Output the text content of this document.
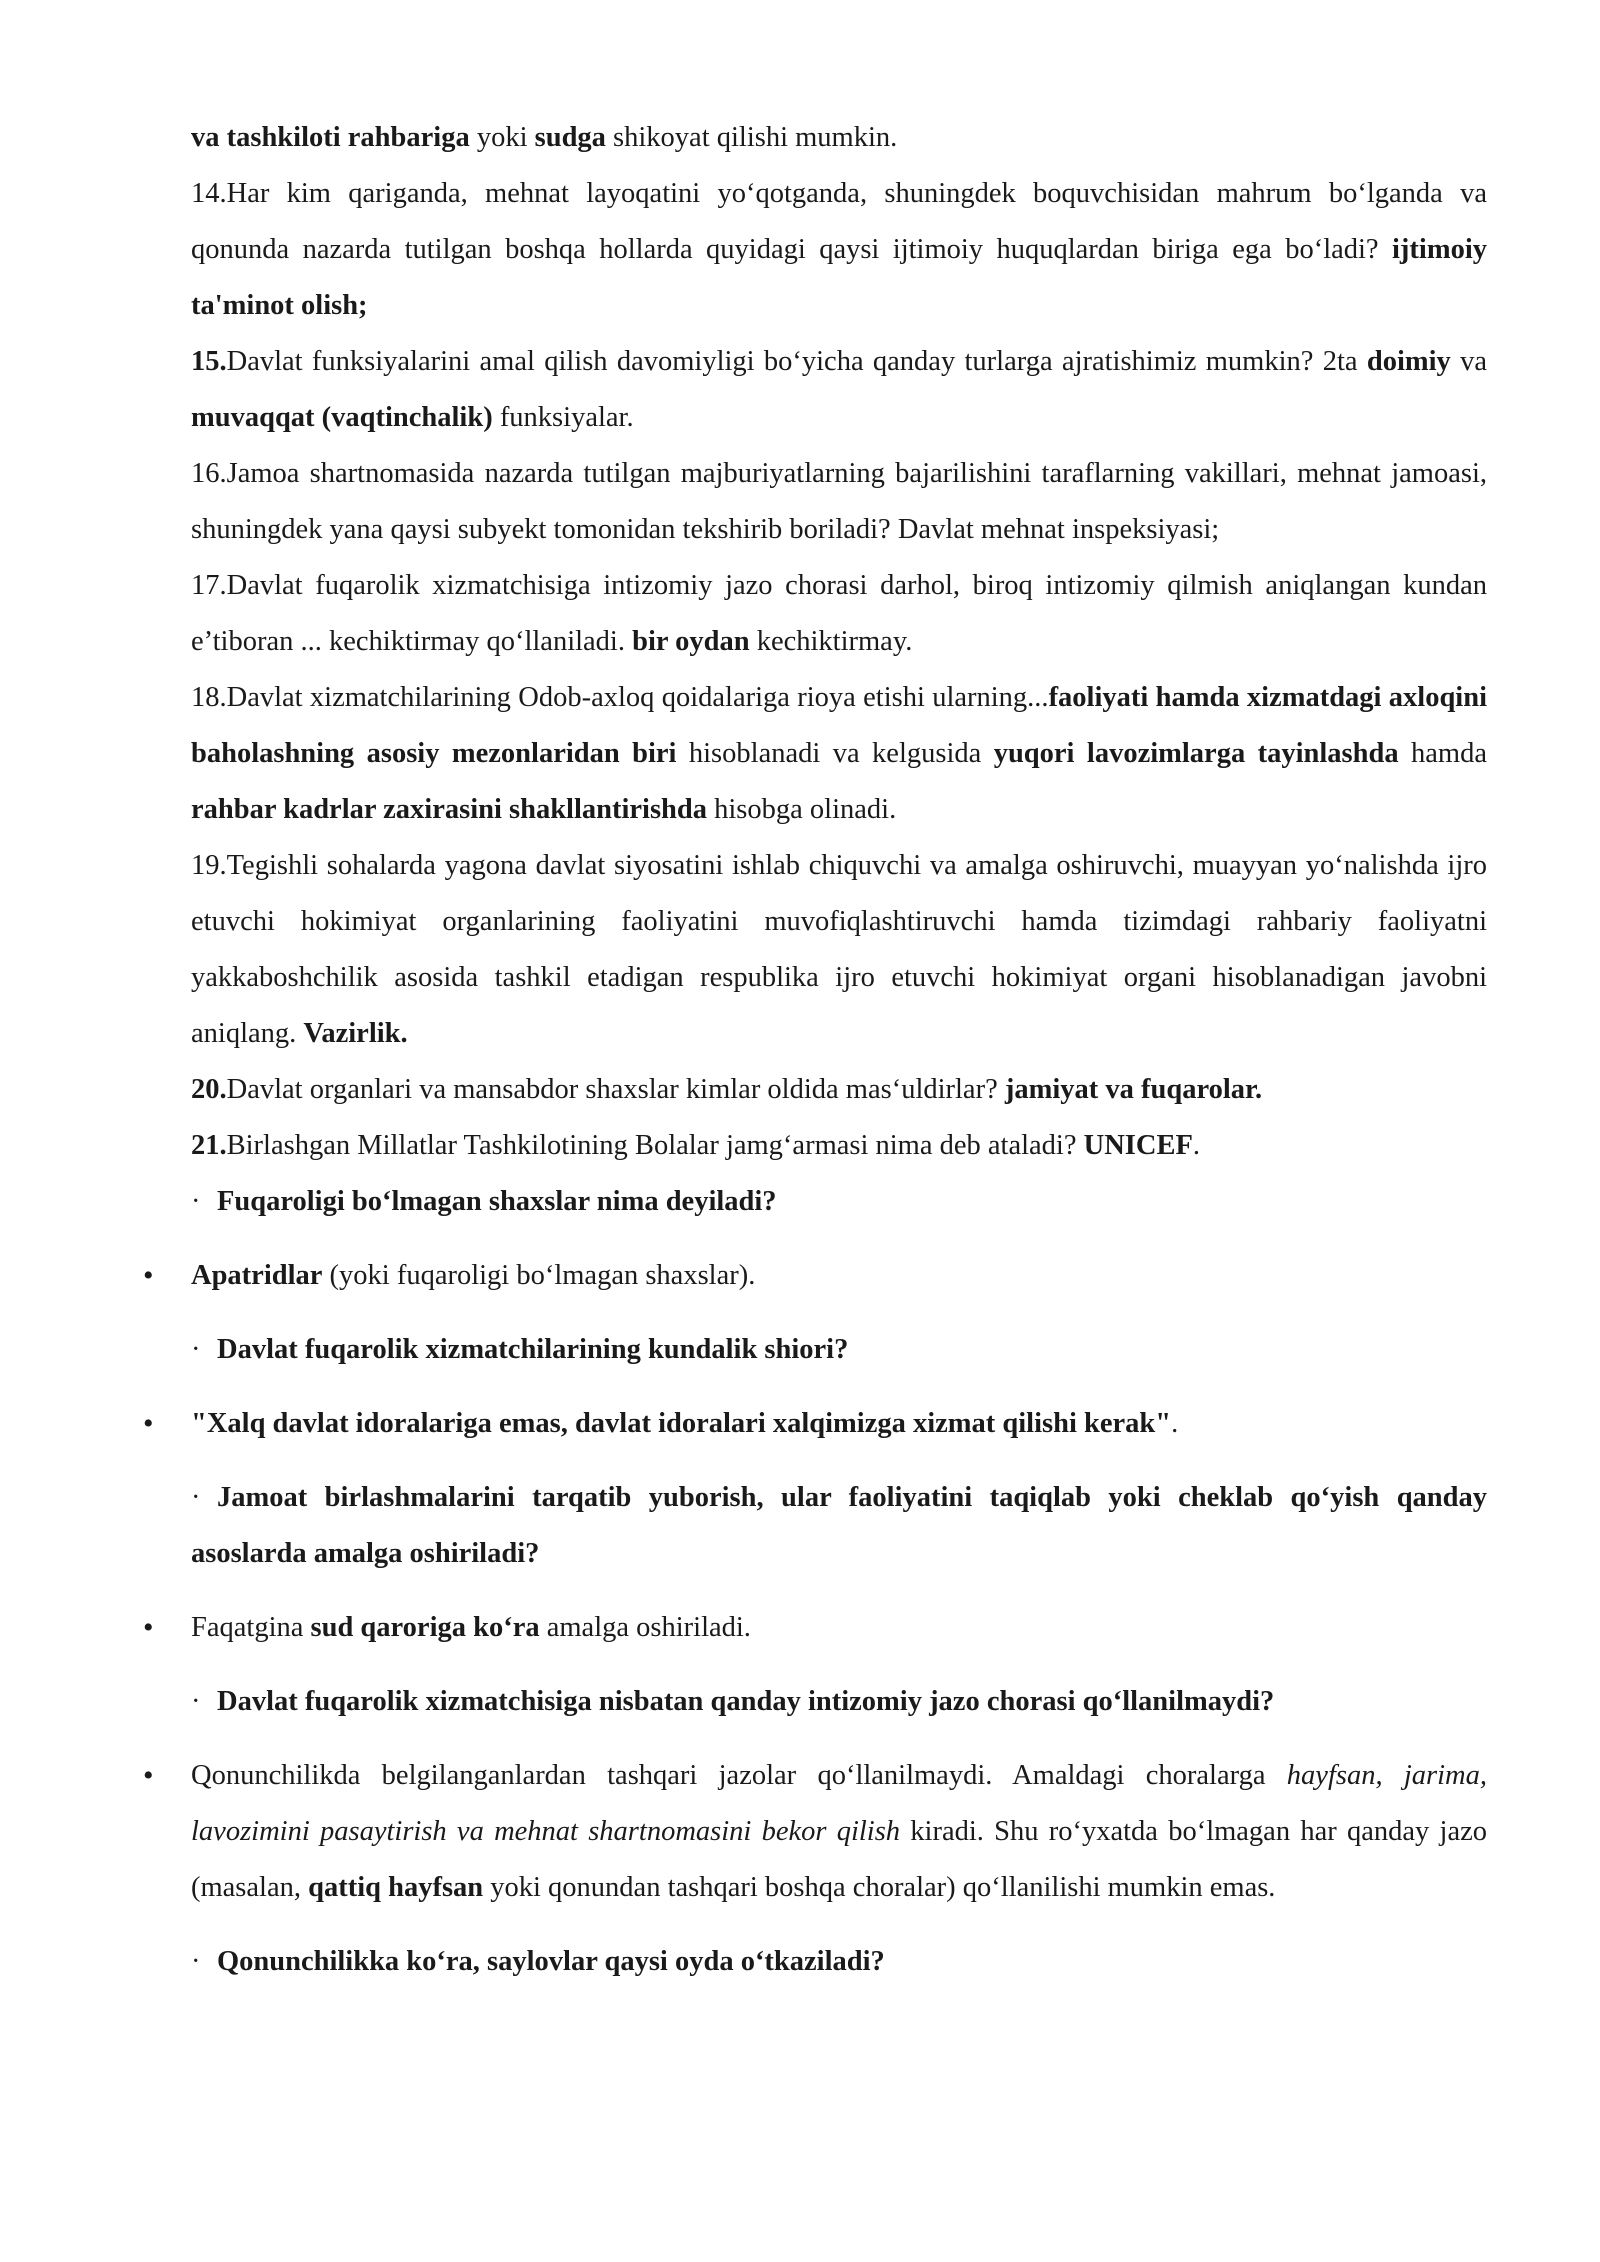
va tashkiloti rahbariga yoki sudga shikoyat qilishi mumkin.

14.Har kim qariganda, mehnat layoqatini yo‘qotganda, shuningdek boquvchisidan mahrum bo‘lganda va qonunda nazarda tutilgan boshqa hollarda quyidagi qaysi ijtimoiy huquqlardan biriga ega bo‘ladi? ijtimoiy ta'minot olish;

15.Davlat funksiyalarini amal qilish davomiyligi bo‘yicha qanday turlarga ajratishimiz mumkin? 2ta doimiy va muvaqqat (vaqtinchalik) funksiyalar.

16.Jamoa shartnomasida nazarda tutilgan majburiyatlarning bajarilishini taraflarning vakillari, mehnat jamoasi, shuningdek yana qaysi subyekt tomonidan tekshirib boriladi? Davlat mehnat inspeksiyasi;

17.Davlat fuqarolik xizmatchisiga intizomiy jazo chorasi darhol, biroq intizomiy qilmish aniqlangan kundan e’tiboran ... kechiktirmay qo‘llaniladi. bir oydan kechiktirmay.

18.Davlat xizmatchilarining Odob-axloq qoidalariga rioya etishi ularning...faoliyati hamda xizmatdagi axloqini baholashning asosiy mezonlaridan biri hisoblanadi va kelgusida yuqori lavozimlarga tayinlashda hamda rahbar kadrlar zaxirasini shakllantirishda hisobga olinadi.

19.Tegishli sohalarda yagona davlat siyosatini ishlab chiquvchi va amalga oshiruvchi, muayyan yo‘nalishda ijro etuvchi hokimiyat organlarining faoliyatini muvofiqlashtiruvchi hamda tizimdagi rahbariy faoliyatni yakkaboshchilik asosida tashkil etadigan respublika ijro etuvchi hokimiyat organi hisoblanadigan javobni aniqlang. Vazirlik.

20.Davlat organlari va mansabdor shaxslar kimlar oldida mas‘uldirlar? jamiyat va fuqarolar.

21.Birlashgan Millatlar Tashkilotining Bolalar jamg‘armasi nima deb ataladi? UNICEF.

· Fuqaroligi bo‘lmagan shaxslar nima deyiladi?

• Apatridlar (yoki fuqaroligi bo‘lmagan shaxslar).

· Davlat fuqarolik xizmatchilarining kundalik shiori?

• "Xalq davlat idoralariga emas, davlat idoralari xalqimizga xizmat qilishi kerak".

· Jamoat birlashmalarini tarqatib yuborish, ular faoliyatini taqiqlab yoki cheklab qo‘yish qanday asoslarda amalga oshiriladi?

• Faqatgina sud qaroriga ko‘ra amalga oshiriladi.

· Davlat fuqarolik xizmatchisiga nisbatan qanday intizomiy jazo chorasi qo‘llanilmaydi?

• Qonunchilikda belgilanganlardan tashqari jazolar qo‘llanilmaydi. Amaldagi choralarga hayfsan, jarima, lavozimini pasaytirish va mehnat shartnomasini bekor qilish kiradi. Shu ro‘yxatda bo‘lmagan har qanday jazo (masalan, qattiq hayfsan yoki qonundan tashqari boshqa choralar) qo‘llanilishi mumkin emas.

· Qonunchilikka ko‘ra, saylovlar qaysi oyda o‘tkaziladi?
